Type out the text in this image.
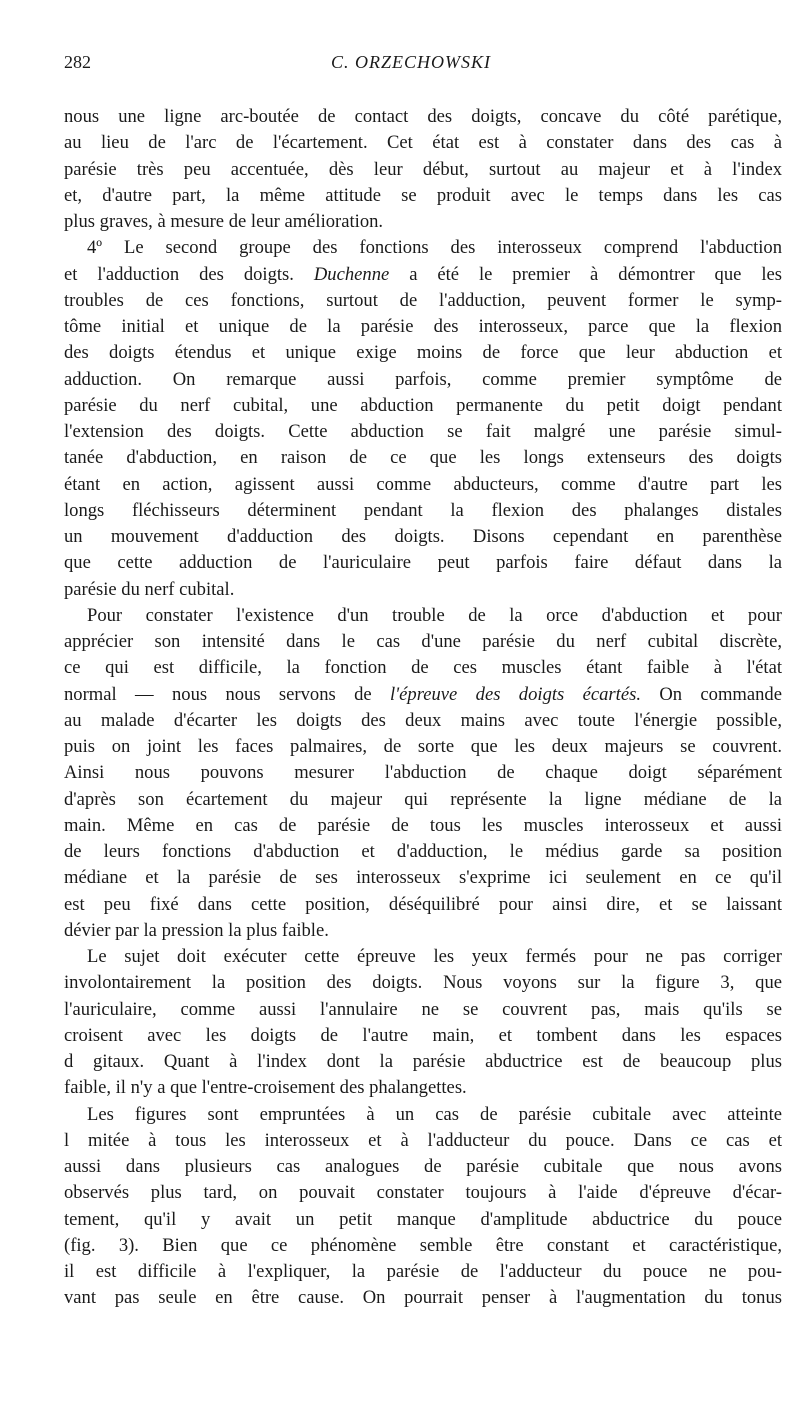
282	C. ORZECHOWSKI
nous une ligne arc-boutée de contact des doigts, concave du côté parétique,
au lieu de l'arc de l'écartement. Cet état est à constater dans des cas à
parésie très peu accentuée, dès leur début, surtout au majeur et à l'index
et, d'autre part, la même attitude se produit avec le temps dans les cas
plus graves, à mesure de leur amélioration.
4º Le second groupe des fonctions des interosseux comprend l'abduction
et l'adduction des doigts. Duchenne a été le premier à démontrer que les
troubles de ces fonctions, surtout de l'adduction, peuvent former le symp-
tôme initial et unique de la parésie des interosseux, parce que la flexion
des doigts étendus et unique exige moins de force que leur abduction et
adduction. On remarque aussi parfois, comme premier symptôme de
parésie du nerf cubital, une abduction permanente du petit doigt pendant
l'extension des doigts. Cette abduction se fait malgré une parésie simul-
tanée d'abduction, en raison de ce que les longs extenseurs des doigts
étant en action, agissent aussi comme abducteurs, comme d'autre part les
longs fléchisseurs déterminent pendant la flexion des phalanges distales
un mouvement d'adduction des doigts. Disons cependant en parenthèse
que cette adduction de l'auriculaire peut parfois faire défaut dans la
parésie du nerf cubital.
Pour constater l'existence d'un trouble de la orce d'abduction et pour
apprécier son intensité dans le cas d'une parésie du nerf cubital discrète,
ce qui est difficile, la fonction de ces muscles étant faible à l'état
normal — nous nous servons de l'épreuve des doigts écartés. On commande
au malade d'écarter les doigts des deux mains avec toute l'énergie possible,
puis on joint les faces palmaires, de sorte que les deux majeurs se couvrent.
Ainsi nous pouvons mesurer l'abduction de chaque doigt séparément
d'après son écartement du majeur qui représente la ligne médiane de la
main. Même en cas de parésie de tous les muscles interosseux et aussi
de leurs fonctions d'abduction et d'adduction, le médius garde sa position
médiane et la parésie de ses interosseux s'exprime ici seulement en ce qu'il
est peu fixé dans cette position, déséquilibré pour ainsi dire, et se laissant
dévier par la pression la plus faible.
Le sujet doit exécuter cette épreuve les yeux fermés pour ne pas corriger
involontairement la position des doigts. Nous voyons sur la figure 3, que
l'auriculaire, comme aussi l'annulaire ne se couvrent pas, mais qu'ils se
croisent avec les doigts de l'autre main, et tombent dans les espaces
d gitaux. Quant à l'index dont la parésie abductrice est de beaucoup plus
faible, il n'y a que l'entre-croisement des phalangettes.
Les figures sont empruntées à un cas de parésie cubitale avec atteinte
l mitée à tous les interosseux et à l'adducteur du pouce. Dans ce cas et
aussi dans plusieurs cas analogues de parésie cubitale que nous avons
observés plus tard, on pouvait constater toujours à l'aide d'épreuve d'écar-
tement, qu'il y avait un petit manque d'amplitude abductrice du pouce
(fig. 3). Bien que ce phénomène semble être constant et caractéristique,
il est difficile à l'expliquer, la parésie de l'adducteur du pouce ne pou-
vant pas seule en être cause. On pourrait penser à l'augmentation du tonus
